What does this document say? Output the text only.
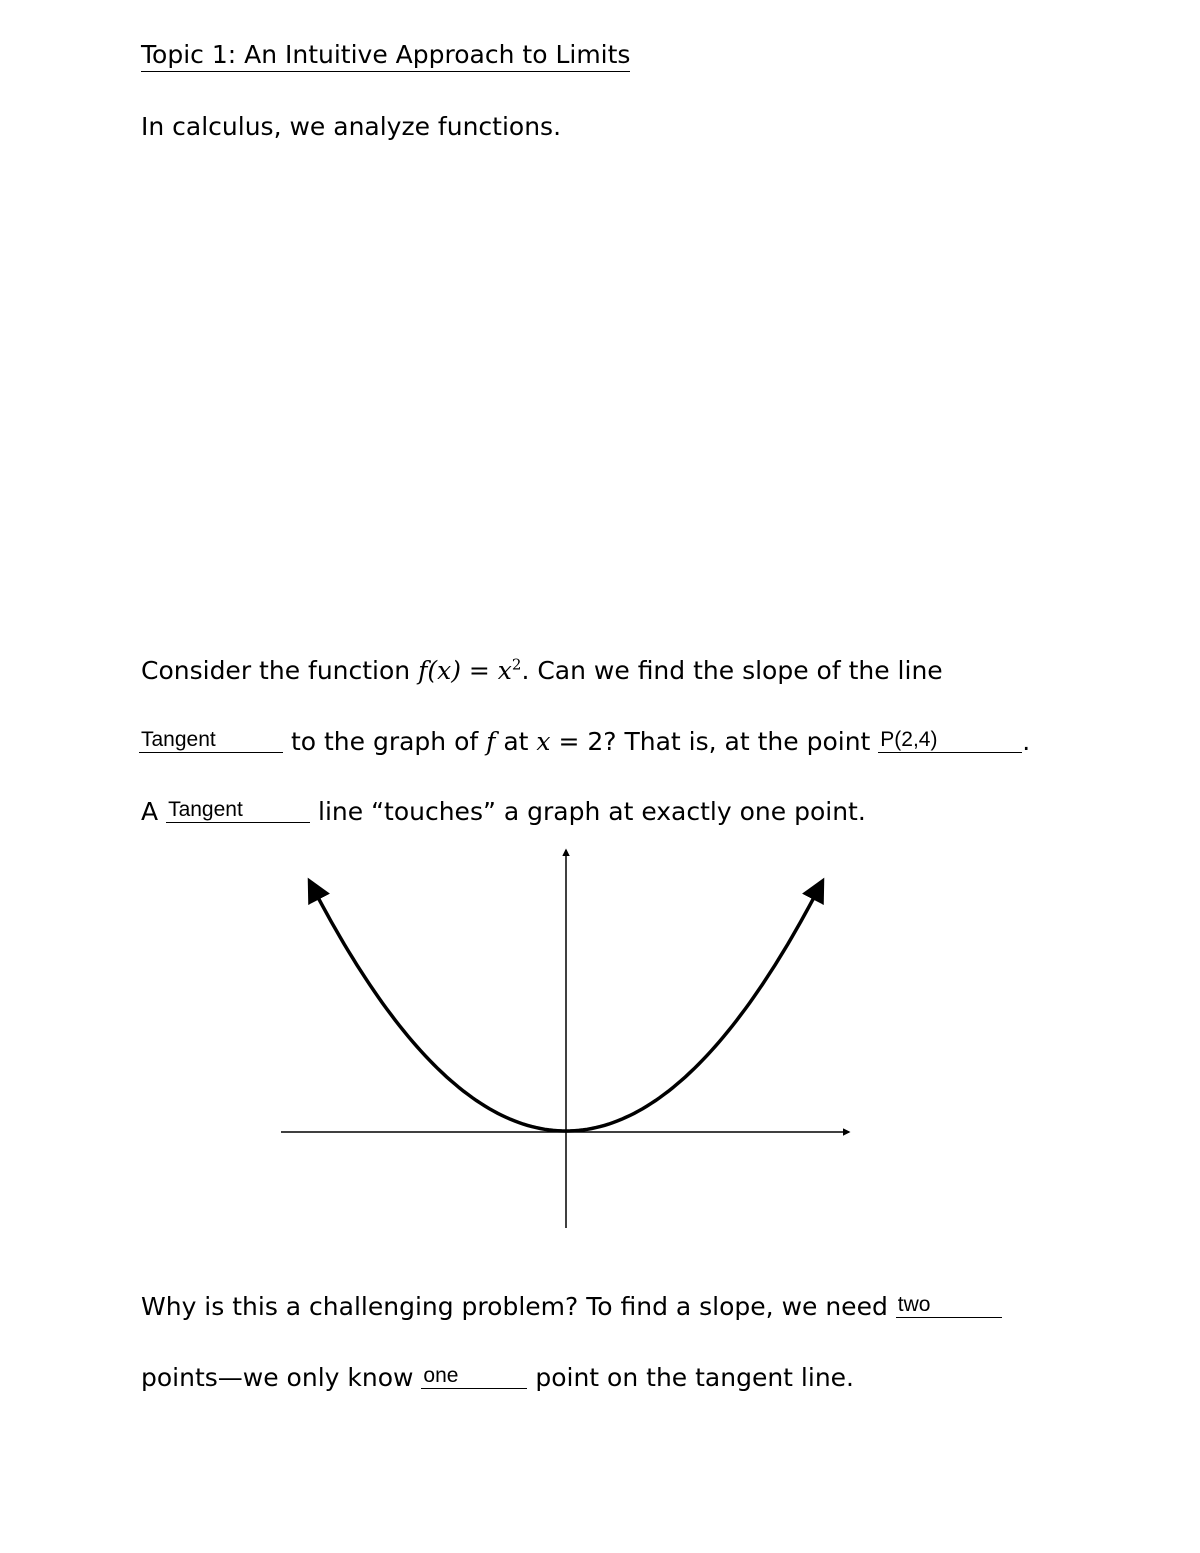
Topic 1: An Intuitive Approach to Limits
In calculus, we analyze functions.
Consider the function $f(x) = x^2$. Can we find the slope of the line
Tangent	to the graph of f at x = 2? That is, at the point P(2,4)	.
A Tangent	line “touches” a graph at exactly one point.
Why is this a challenging problem? To find a slope, we need two
points—we only know one	point on the tangent line.
